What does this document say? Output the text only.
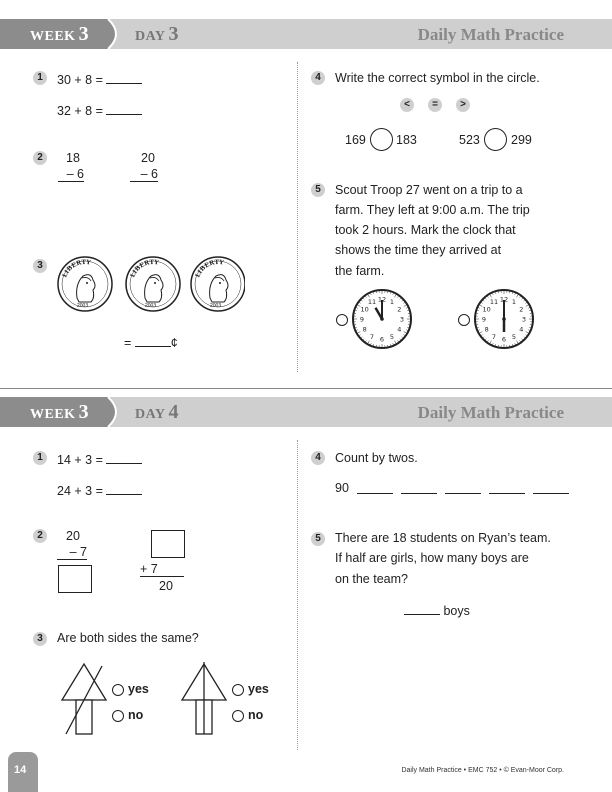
WEEK 3	DAY 3	Daily Math Practice
1	30 + 8 =
32 + 8 =
2	18
– 6
20
– 6
3
LIBERTY
2003
LIBERTY
2003
LIBERTY
2003
=	¢
4	Write the correct symbol in the circle.
<	=	>
169 183	523 299
5	Scout Troop 27 went on a trip to a
farm. They left at 9:00 a.m. The trip
took 2 hours. Mark the clock that
shows the time they arrived at
the farm.
12 1
2
3
4
5
6
7
8
9
10
11	12 1
2
3
4
5
6
7
8
9
10
11
WEEK 3	DAY 4	Daily Math Practice
1	14 + 3 =
24 + 3 =
2	20
– 7
+ 7
20
3	Are both sides the same?
yes
no
yes
no
4	Count by twos.
90
5	There are 18 students on Ryan’s team.
If half are girls, how many boys are
on the team?
boys
14	Daily Math Practice • EMC 752 • © Evan-Moor Corp.
